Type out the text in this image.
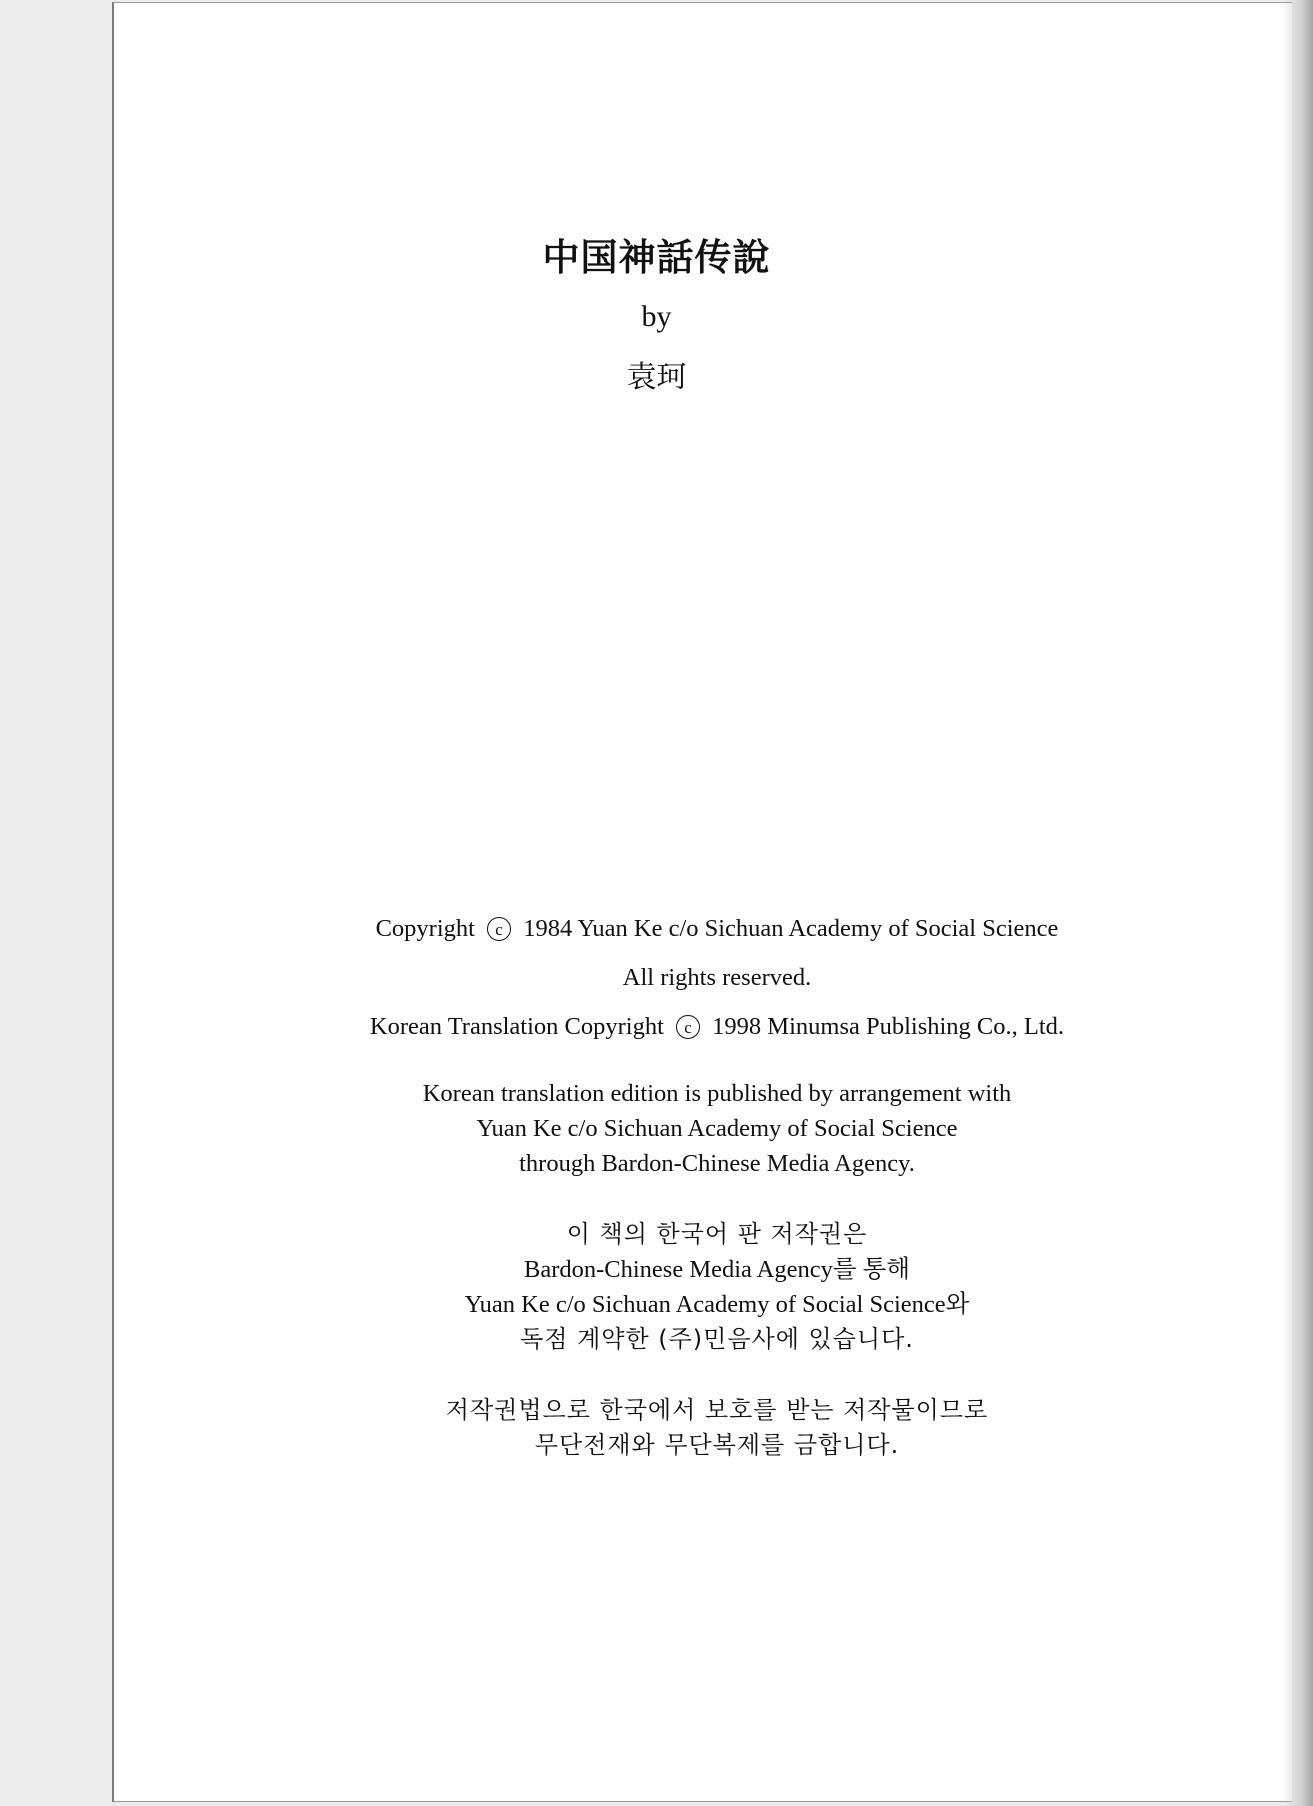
中国神話传說

by

袁珂

Copyright c 1984 Yuan Ke c/o Sichuan Academy of Social Science

All rights reserved.

Korean Translation Copyright c 1998 Minumsa Publishing Co., Ltd.

Korean translation edition is published by arrangement with

Yuan Ke c/o Sichuan Academy of Social Science

through Bardon-Chinese Media Agency.

이 책의 한국어 판 저작권은

Bardon-Chinese Media Agency를 통해

Yuan Ke c/o Sichuan Academy of Social Science와

독점 계약한 (주)민음사에 있습니다.

저작권법으로 한국에서 보호를 받는 저작물이므로

무단전재와 무단복제를 금합니다.
